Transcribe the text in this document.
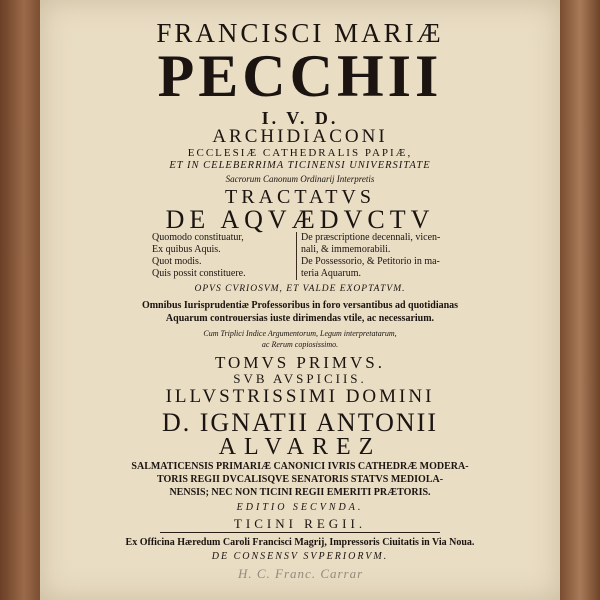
FRANCISCI MARIÆ
PECCHII
I. V. D.
ARCHIDIACONI
ECCLESIÆ CATHEDRALIS PAPIÆ,
ET IN CELEBERRIMA TICINENSI UNIVERSITATE
Sacrorum Canonum Ordinarij Interpretis
TRACTATVS
DE AQVÆDVCTV
Quomodo constituatur,
Ex quibus Aquis.
Quot modis.
Quis possit constituere.
De præscriptione decennali, vicen-
nali, & immemorabili.
De Possessorio, & Petitorio in ma-
teria Aquarum.
OPVS CVRIOSVM, ET VALDE EXOPTATVM.
Omnibus Iurisprudentiæ Professoribus in foro versantibus ad quotidianas
Aquarum controuersias iuste dirimendas vtile, ac necessarium.
Cum Triplici Indice Argumentorum, Legum interpretatarum,
ac Rerum copiosissimo.
TOMVS PRIMVS.
SVB AVSPICIIS.
ILLVSTRISSIMI DOMINI
D. IGNATII ANTONII
ALVAREZ
SALMATICENSIS PRIMARIÆ CANONICI IVRIS CATHEDRÆ MODERA-
TORIS REGII DVCALISQVE SENATORIS STATVS MEDIOLA-
NENSIS; NEC NON TICINI REGII EMERITI PRÆTORIS.
EDITIO SECVNDA.
TICINI REGII.
Ex Officina Hæredum Caroli Francisci Magrij, Impressoris Ciuitatis in Via Noua.
DE CONSENSV SVPERIORVM.
H. C. Franc. Carrar
